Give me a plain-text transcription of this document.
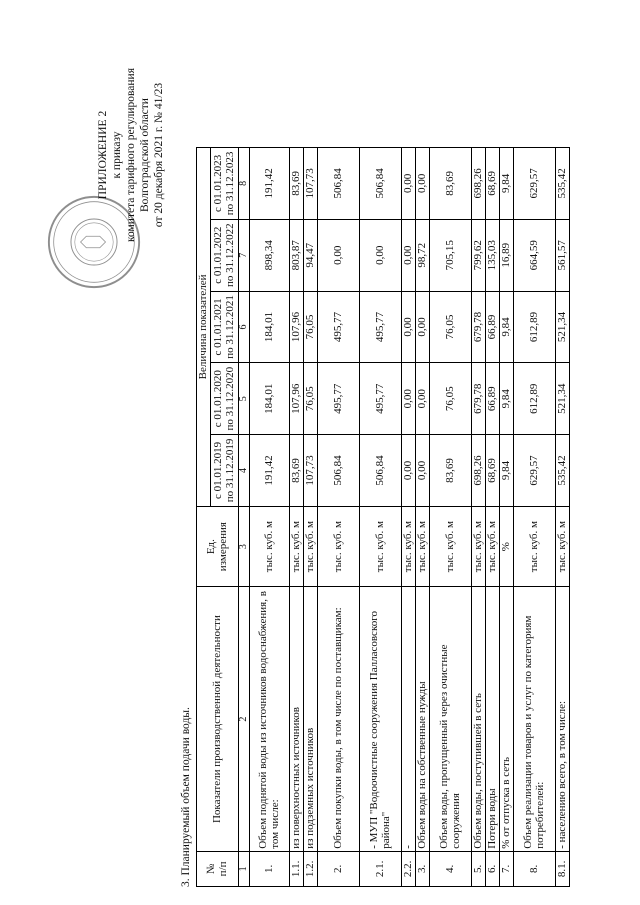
ПРИЛОЖЕНИЕ 2 к приказу комитета тарифного регулирования Волгоградской области от 20 декабря 2021 г. № 41/23
3. Планируемый объем подачи воды. №
п/п	Показатели производственной деятельности	Ед.
измерения	Величина показателей				
			с 01.01.2019
по 31.12.2019	с 01.01.2020
по 31.12.2020	с 01.01.2021
по 31.12.2021	с 01.01.2022
по 31.12.2022	с 01.01.2023
по 31.12.2023
1	2	3	4	5	6	7	8
1.	Объем поднятой воды из источников водоснабжения, в том числе:	тыс. куб. м	191,42	184,01	184,01	898,34	191,42
1.1.	из поверхностных источников	тыс. куб. м	83,69	107,96	107,96	803,87	83,69
1.2.	из подземных источников	тыс. куб. м	107,73	76,05	76,05	94,47	107,73
2.	Объем покупки воды, в том числе по поставщикам:	тыс. куб. м	506,84	495,77	495,77	0,00	506,84
2.1.	- МУП "Водоочистные сооружения Палласовского района"	тыс. куб. м	506,84	495,77	495,77	0,00	506,84
2.2.	-	тыс. куб. м	0,00	0,00	0,00	0,00	0,00
3.	Объем воды на собственные нужды	тыс. куб. м	0,00	0,00	0,00	98,72	0,00
4.	Объем воды, пропущенный через очистные сооружения	тыс. куб. м	83,69	76,05	76,05	705,15	83,69
5.	Объем воды, поступившей в сеть	тыс. куб. м	698,26	679,78	679,78	799,62	698,26
6.	Потери воды	тыс. куб. м	68,69	66,89	66,89	135,03	68,69
7.	% от отпуска в сеть	%	9,84	9,84	9,84	16,89	9,84
8.	Объем реализации товаров и услуг по категориям потребителей:	тыс. куб. м	629,57	612,89	612,89	664,59	629,57
8.1.	- населению всего, в том числе:	тыс. куб. м	535,42	521,34	521,34	561,57	535,42
